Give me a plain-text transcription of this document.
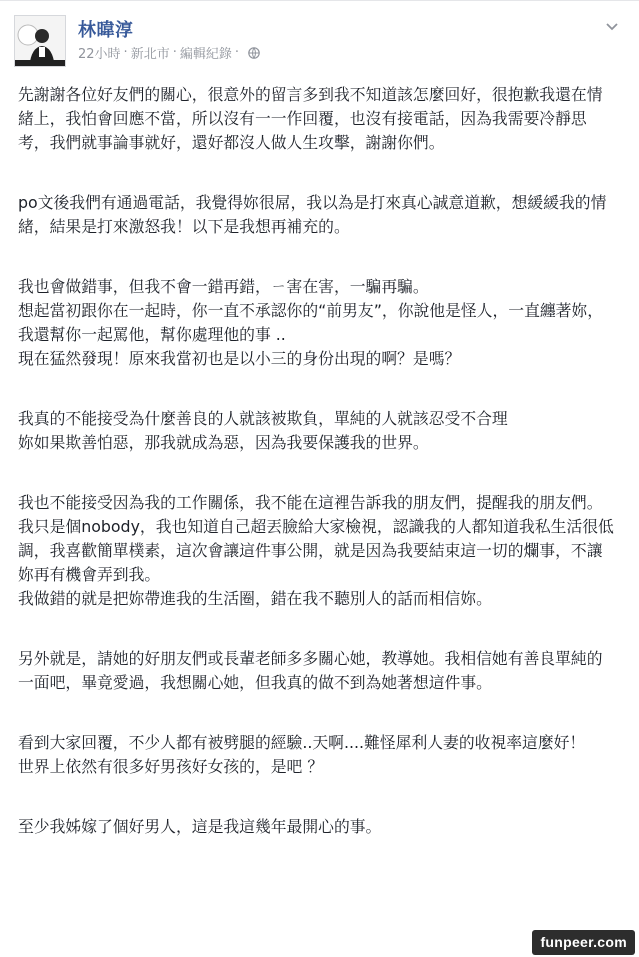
林暐淳
22小時 · 新北市 · 編輯紀錄 ·

先謝謝各位好友們的關心，很意外的留言多到我不知道該怎麼回好，很抱歉我還在情緒上，我怕會回應不當，所以沒有一一作回覆，也沒有接電話，因為我需要冷靜思考，我們就事論事就好，還好都沒人做人生攻擊，謝謝你們。

po文後我們有通過電話，我覺得妳很屌，我以為是打來真心誠意道歉，想緩緩我的情緒，結果是打來激怒我！以下是我想再補充的。

我也會做錯事，但我不會一錯再錯，ㄧ害在害，一騙再騙。
想起當初跟你在一起時，你一直不承認你的“前男友”，你說他是怪人，一直纏著妳，我還幫你一起罵他，幫你處理他的事 ..
現在猛然發現！原來我當初也是以小三的身份出現的啊？是嗎？

我真的不能接受為什麼善良的人就該被欺負，單純的人就該忍受不合理
妳如果欺善怕惡，那我就成為惡，因為我要保護我的世界。

我也不能接受因為我的工作關係，我不能在這裡告訴我的朋友們，提醒我的朋友們。我只是個nobody，我也知道自己超丟臉給大家檢視，認識我的人都知道我私生活很低調，我喜歡簡單樸素，這次會讓這件事公開，就是因為我要結束這一切的爛事，不讓妳再有機會弄到我。
我做錯的就是把妳帶進我的生活圈，錯在我不聽別人的話而相信妳。

另外就是，請她的好朋友們或長輩老師多多關心她，教導她。我相信她有善良單純的一面吧，畢竟愛過，我想關心她，但我真的做不到為她著想這件事。

看到大家回覆，不少人都有被劈腿的經驗..天啊....難怪犀利人妻的收視率這麼好！
世界上依然有很多好男孩好女孩的，是吧 ？

至少我姊嫁了個好男人，這是我這幾年最開心的事。

funpeer.com
